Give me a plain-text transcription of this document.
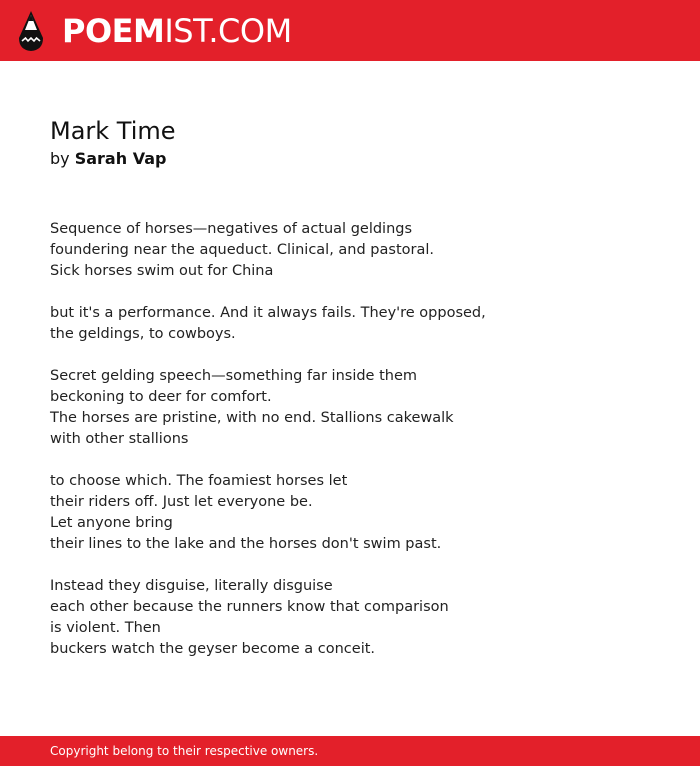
POEMIST.COM
Mark Time
by Sarah Vap
Sequence of horses—negatives of actual geldings
foundering near the aqueduct. Clinical, and pastoral.
Sick horses swim out for China
but it's a performance. And it always fails. They're opposed,
the geldings, to cowboys.
Secret gelding speech—something far inside them
beckoning to deer for comfort.
The horses are pristine, with no end. Stallions cakewalk
with other stallions
to choose which. The foamiest horses let
their riders off. Just let everyone be.
Let anyone bring
their lines to the lake and the horses don't swim past.
Instead they disguise, literally disguise
each other because the runners know that comparison
is violent. Then
buckers watch the geyser become a conceit.
Copyright belong to their respective owners.
